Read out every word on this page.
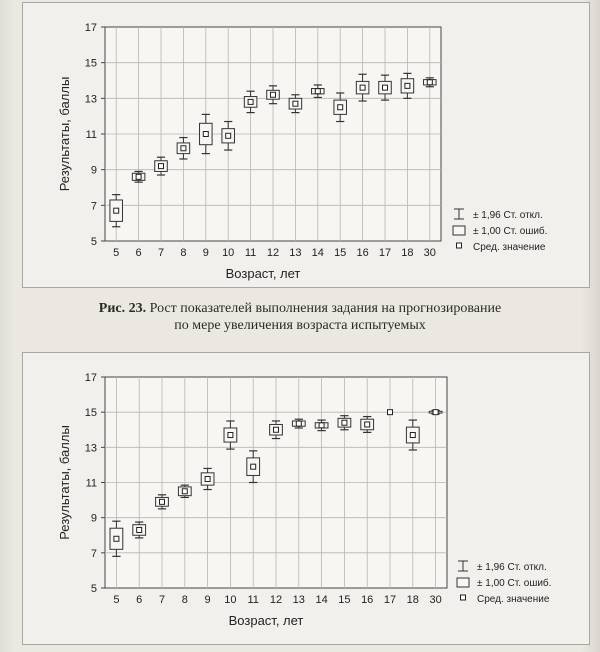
5
7
9
11
13
15
17
5 6 7 8 9 10 11 12 13 14 15 16 17 18 30
Возраст, лет
Результаты, баллы
± 1,96 Ст. откл.
± 1,00 Ст. ошиб.
Сред. значение
Рис. 23. Рост показателей выполнения задания на прогнозирование
по мере увеличения возраста испытуемых
5
7
9
11
13
15
17
5 6 7 8 9 10 11 12 13 14 15 16 17 18 30
Возраст, лет
Результаты, баллы
± 1,96 Ст. откл.
± 1,00 Ст. ошиб.
Сред. значение
